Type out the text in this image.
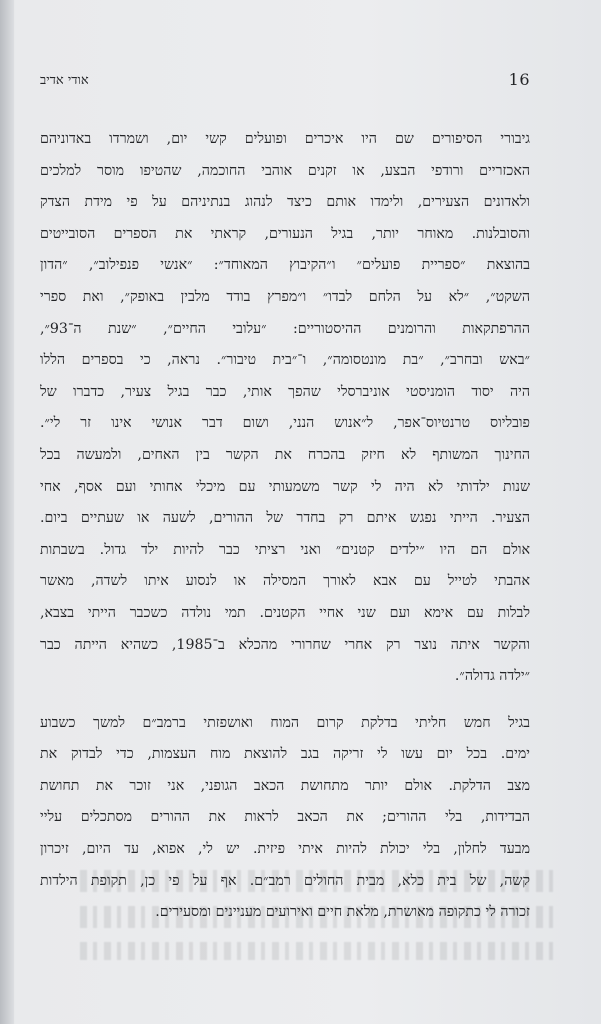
16
אודי אדיב

גיבורי הסיפורים שם היו איכרים ופועלים קשי יום, ושמרדו באדוניהם
האכזריים ורודפי הבצע, או זקנים אוהבי החוכמה, שהטיפו מוסר למלכים
ולאדונים הצעירים, ולימדו אותם כיצד לנהוג בנתיניהם על פי מידת הצדק
והסובלנות. מאוחר יותר, בגיל הנעורים, קראתי את הספרים הסובייטים
בהוצאת ״ספריית פועלים״ ו״הקיבוץ המאוחד״: ״אנשי פנפילוב״, ״הדון
השקט״, ״לא על הלחם לבדו״ ו״מפרץ בודד מלבין באופק״, ואת ספרי
ההרפתקאות והרומנים ההיסטוריים: ״עלובי החיים״, ״שנת ה־93״,
״באש ובחרב״, ״בת מונטסומה״, ו־״בית טיבור״. נראה, כי בספרים הללו
היה יסוד הומניסטי אוניברסלי שהפך אותי, כבר בגיל צעיר, כדברו של
פובליוס טרנטיוס־אפר, ל״אנוש הנני, ושום דבר אנושי אינו זר לי״.
החינוך המשותף לא חיזק בהכרח את הקשר בין האחים, ולמעשה בכל
שנות ילדותי לא היה לי קשר משמעותי עם מיכלי אחותי ועם אסף, אחי
הצעיר. הייתי נפגש איתם רק בחדר של ההורים, לשעה או שעתיים ביום.
אולם הם היו ״ילדים קטנים״ ואני רציתי כבר להיות ילד גדול. בשבתות
אהבתי לטייל עם אבא לאורך המסילה או לנסוע איתו לשדה, מאשר
לבלות עם אימא ועם שני אחיי הקטנים. תמי נולדה כשכבר הייתי בצבא,
והקשר איתה נוצר רק אחרי שחרורי מהכלא ב־1985, כשהיא הייתה כבר
״ילדה גדולה״.

בגיל חמש חליתי בדלקת קרום המוח ואושפזתי ברמב״ם למשך כשבוע
ימים. בכל יום עשו לי זריקה בגב להוצאת מוח העצמות, כדי לבדוק את
מצב הדלקת. אולם יותר מתחושת הכאב הגופני, אני זוכר את תחושת
הבדידות, בלי ההורים; את הכאב לראות את ההורים מסתכלים עליי
מבעד לחלון, בלי יכולת להיות איתי פיזית. יש לי, אפוא, עד היום, זיכרון
קשה, של בית כלא, מבית החולים רמב״ם. אף על פי כן, תקופת הילדות
זכורה לי כתקופה מאושרת, מלאת חיים ואירועים מעניינים ומסעירים.
